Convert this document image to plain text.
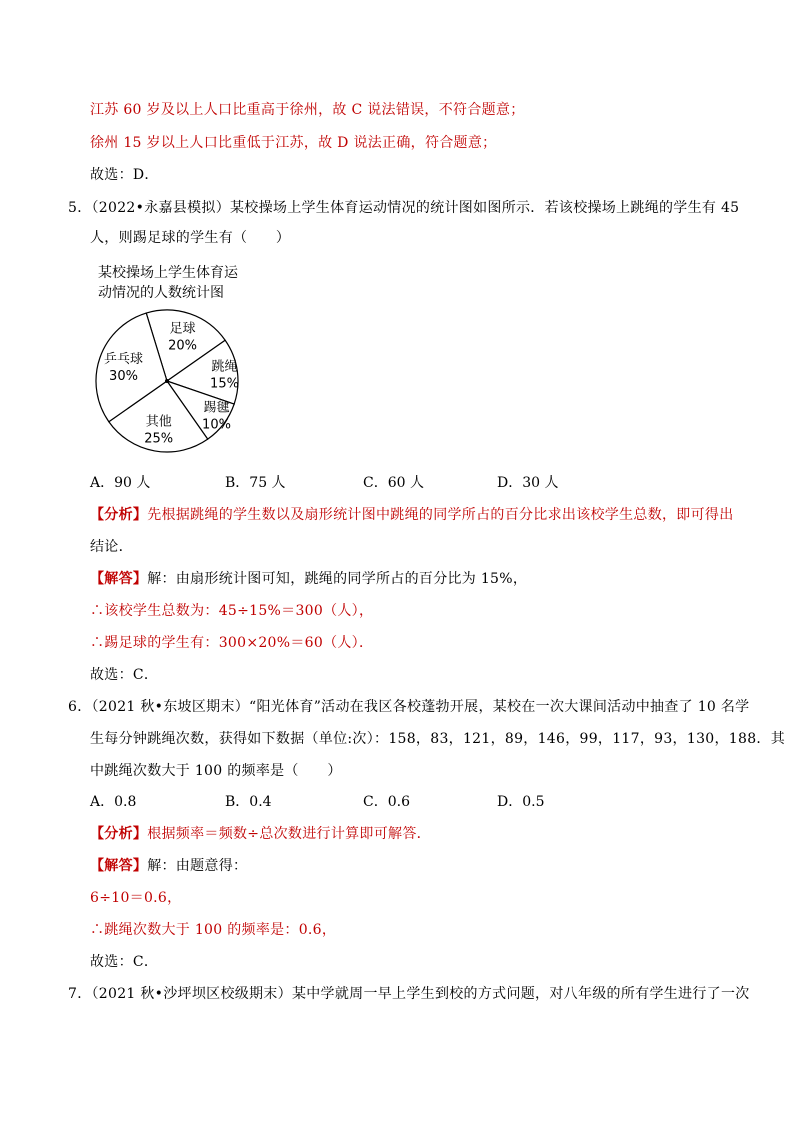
江苏 60 岁及以上人口比重高于徐州，故 C 说法错误，不符合题意；
徐州 15 岁以上人口比重低于江苏，故 D 说法正确，符合题意；
故选：D．
5．（2022•永嘉县模拟）某校操场上学生体育运动情况的统计图如图所示．若该校操场上跳绳的学生有 45
人，则踢足球的学生有（　　）
某校操场上学生体育运
动情况的人数统计图
足球
20%
跳绳
15%
踢毽
10%
其他
25%
乒乓球
30%
A．90 人	B．75 人	C．60 人	D．30 人
【分析】先根据跳绳的学生数以及扇形统计图中跳绳的同学所占的百分比求出该校学生总数，即可得出
结论．
【解答】解：由扇形统计图可知，跳绳的同学所占的百分比为 15%，
∴该校学生总数为：45÷15%＝300（人），
∴踢足球的学生有：300×20%＝60（人）．
故选：C．
6．（2021 秋•东坡区期末）“阳光体育”活动在我区各校蓬勃开展，某校在一次大课间活动中抽查了 10 名学
生每分钟跳绳次数，获得如下数据（单位:次）：158，83，121，89，146，99，117，93，130，188．其
中跳绳次数大于 100 的频率是（　　）
A．0.8	B．0.4	C．0.6	D．0.5
【分析】根据频率＝频数÷总次数进行计算即可解答．
【解答】解：由题意得：
6÷10＝0.6，
∴跳绳次数大于 100 的频率是：0.6，
故选：C．
7．（2021 秋•沙坪坝区校级期末）某中学就周一早上学生到校的方式问题，对八年级的所有学生进行了一次
